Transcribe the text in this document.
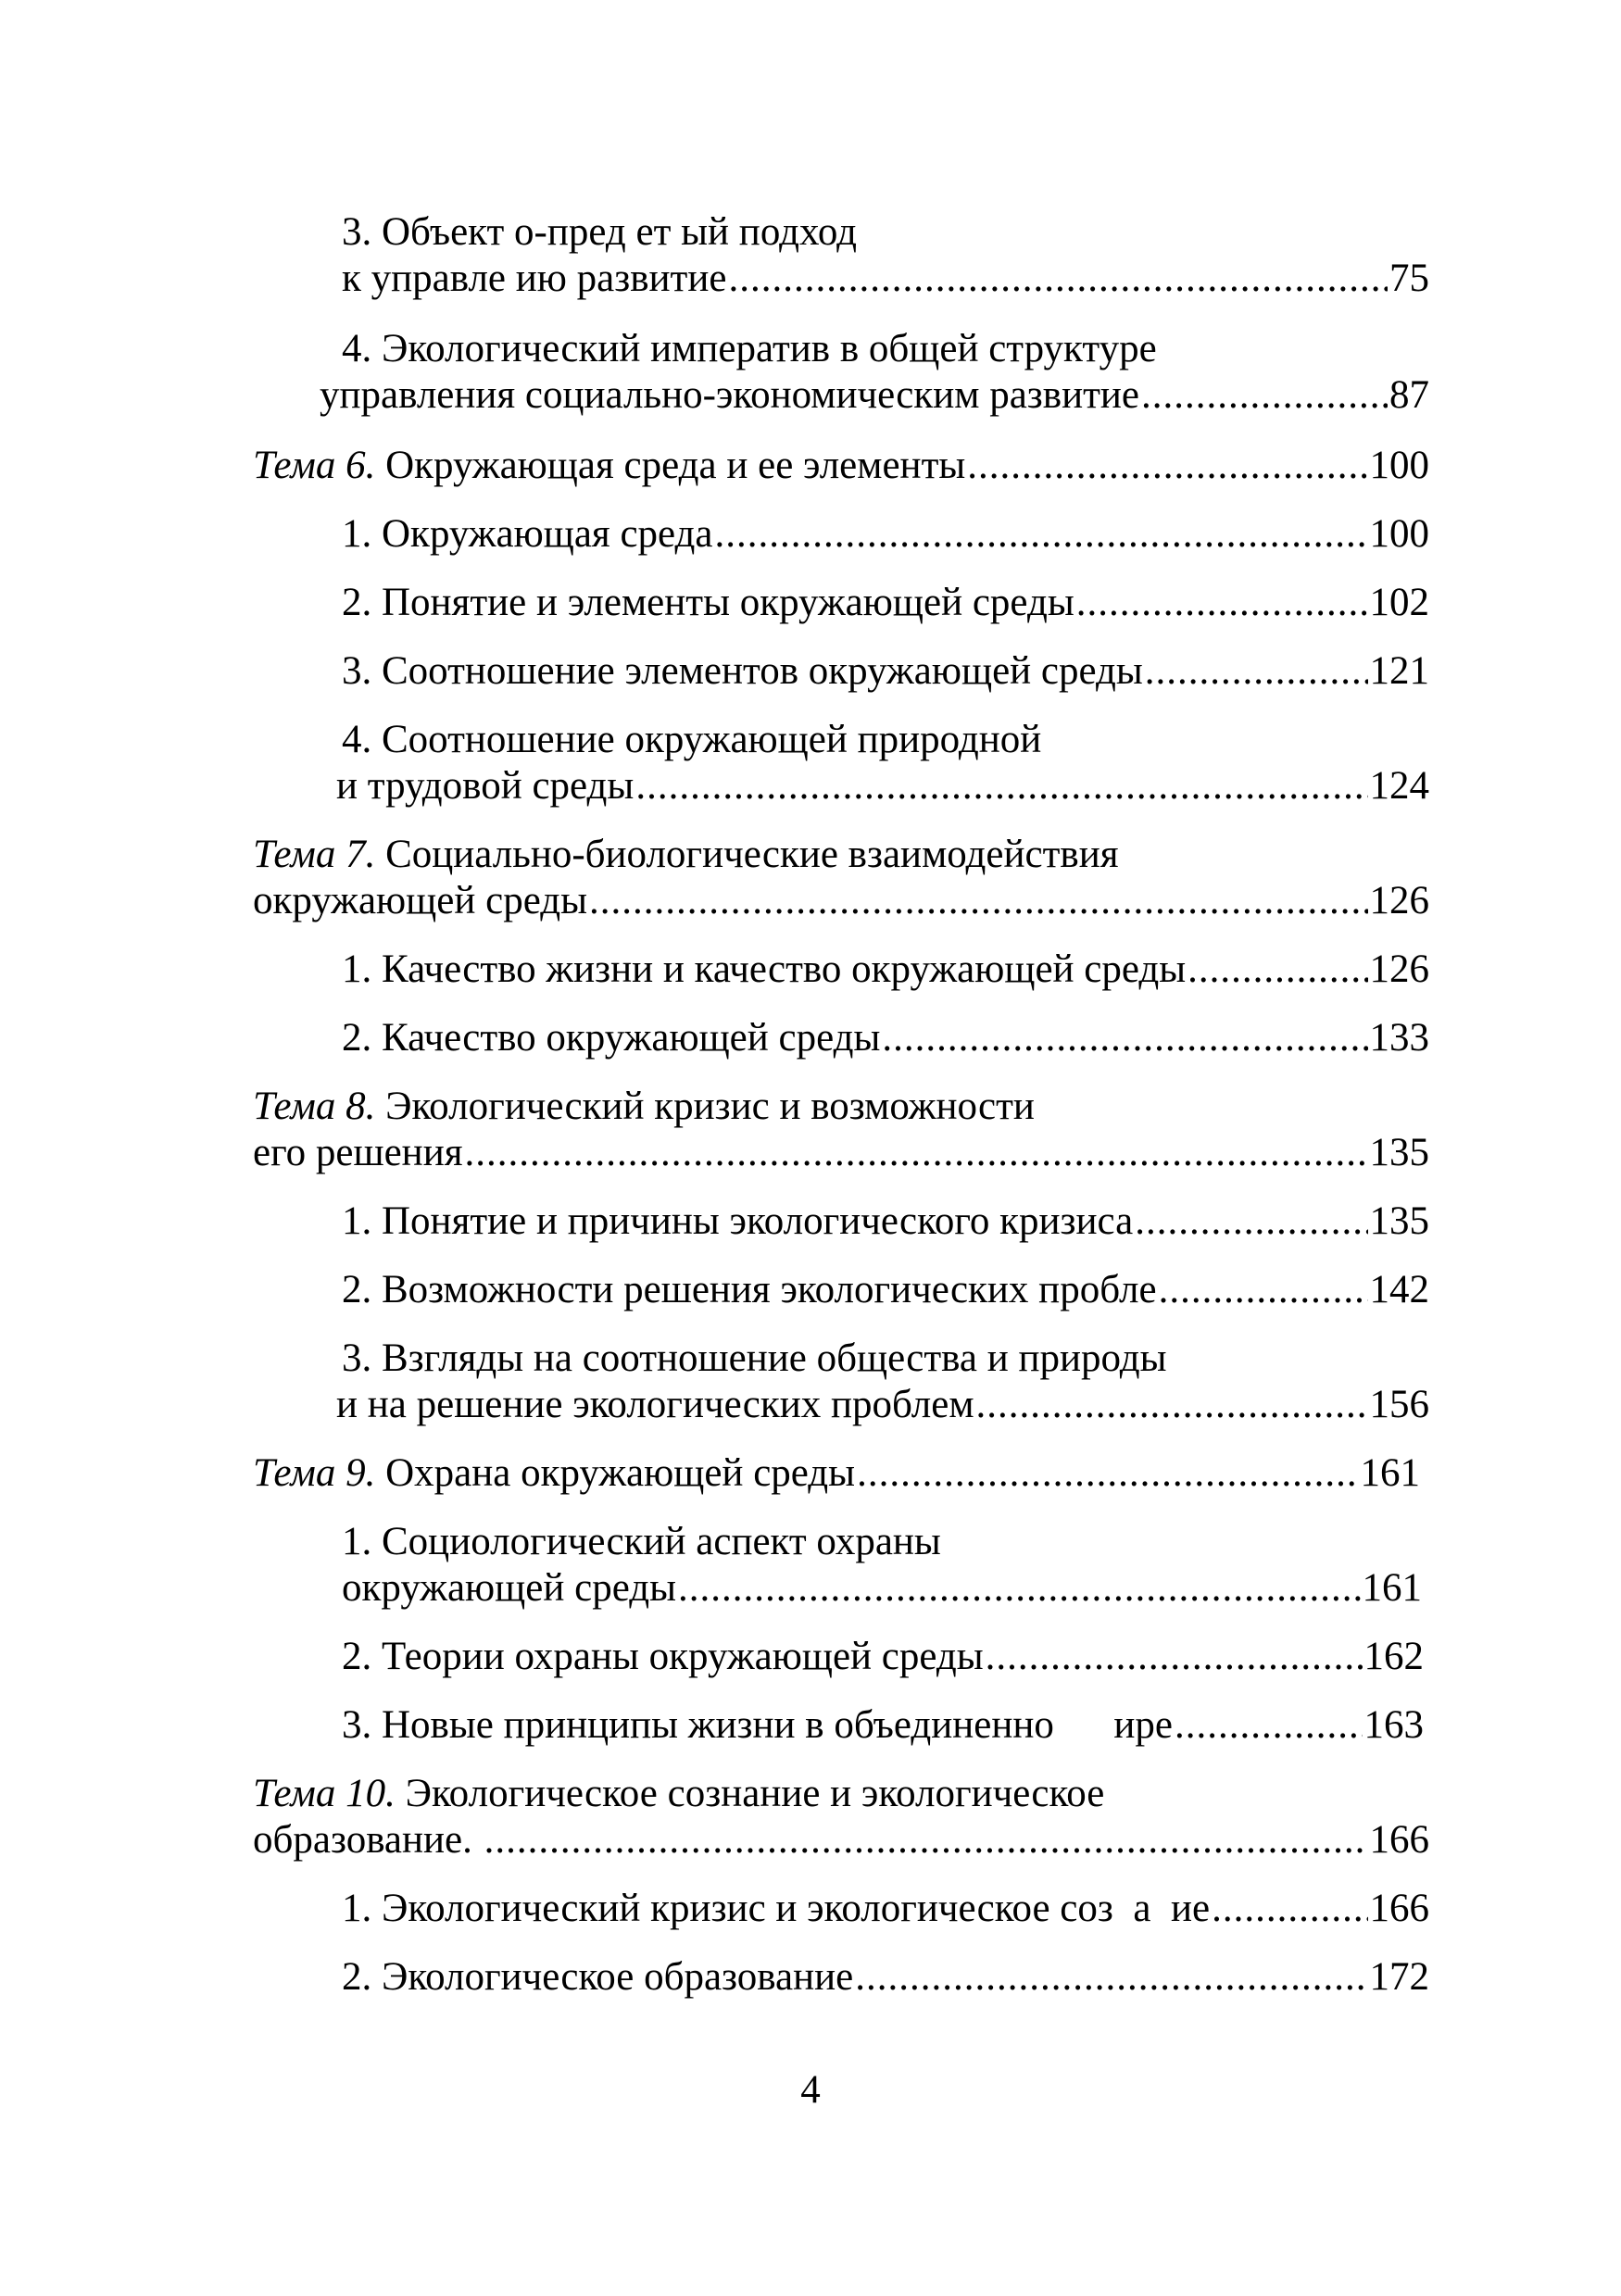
3. Объект о-пред ет ый подход
к управле ию развитие .....	75
4. Экологический императив в общей структуре
управления социально-экономическим развитие .....	87
Тема 6. Окружающая среда и ее элементы .....	100
1. Окружающая среда .....	100
2. Понятие и элементы окружающей среды .....	102
3. Соотношение элементов окружающей среды .....	121
4. Соотношение окружающей природной
и трудовой среды .....	124
Тема 7. Социально-биологические взаимодействия
окружающей среды .....	126
1. Качество жизни и качество окружающей среды .....	126
2. Качество окружающей среды .....	133
Тема 8. Экологический кризис и возможности
его решения .....	135
1. Понятие и причины экологического кризиса .....	135
2. Возможности решения экологических пробле .....	142
3. Взгляды на соотношение общества и природы
и на решение экологических проблем .....	156
Тема 9. Охрана окружающей среды .....	161
1. Социологический аспект охраны
окружающей среды .....	161
2. Теории охраны окружающей среды .....	162
3. Новые принципы жизни в объединенно      ире .....	163
Тема 10. Экологическое сознание и экологическое
образование. .....	166
1. Экологический кризис и экологическое соз  а  ие .....	166
2. Экологическое образование .....	172
4
